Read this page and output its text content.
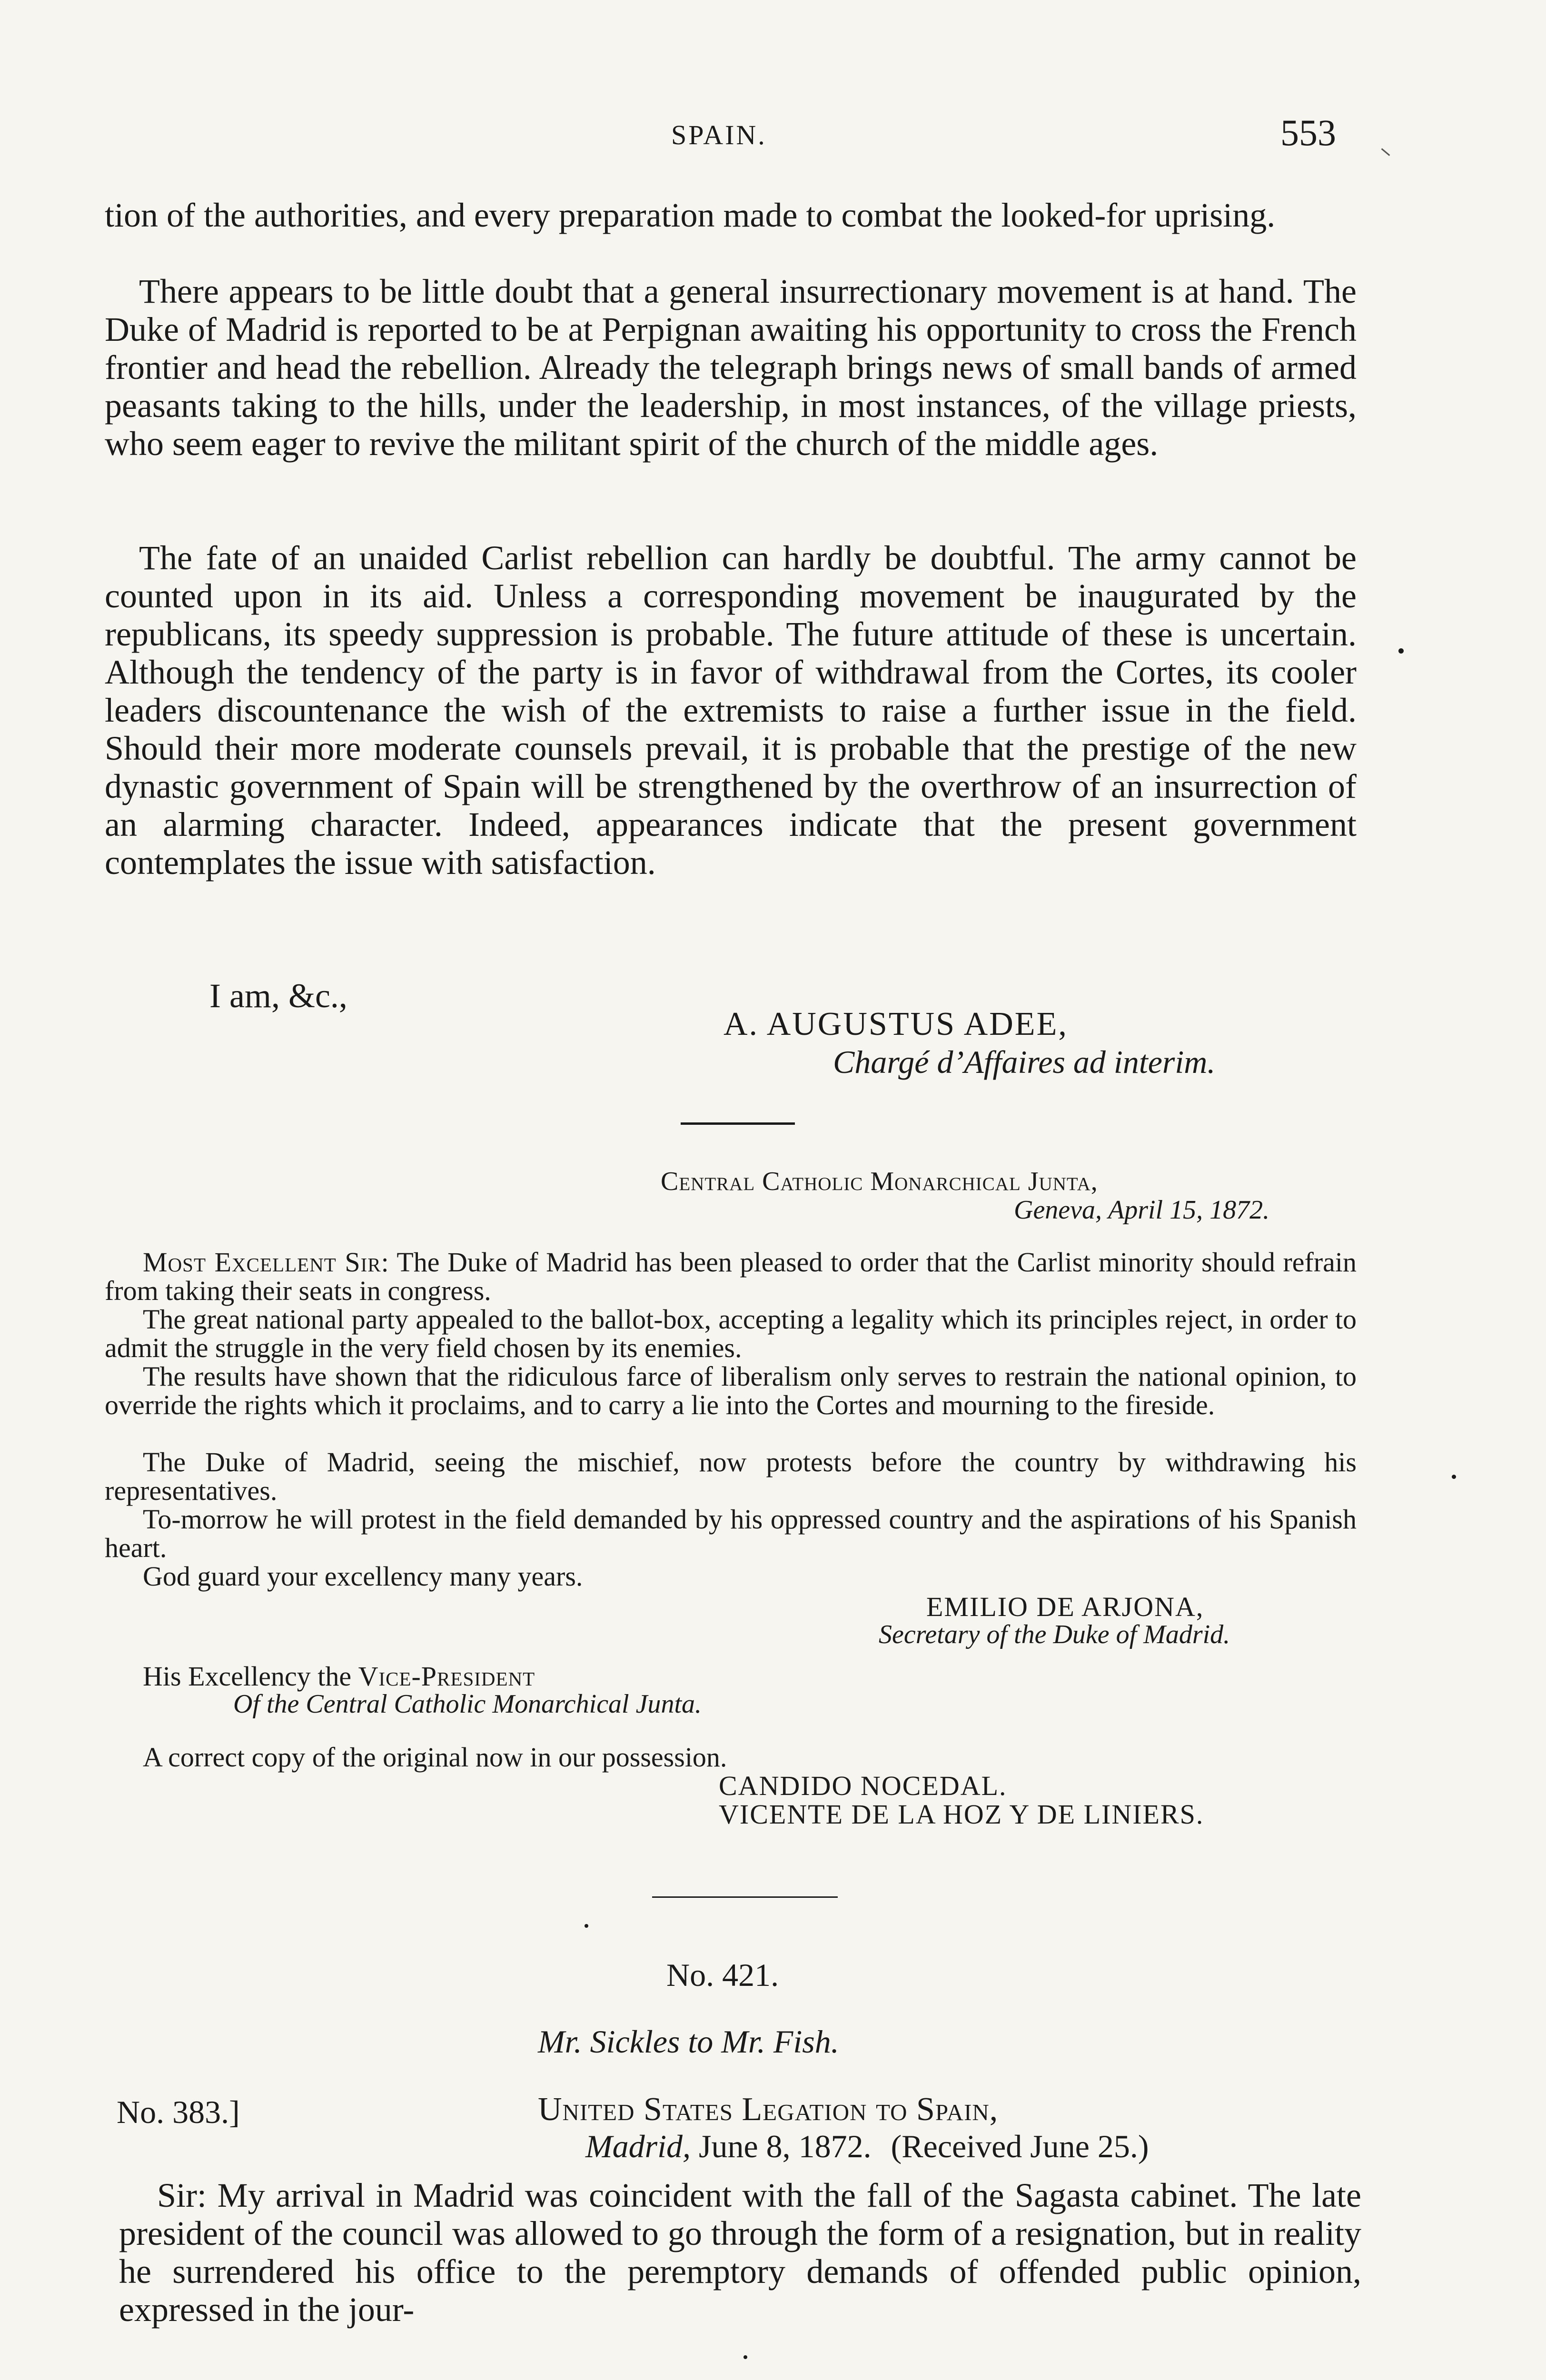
SPAIN.	553
tion of the authorities, and every preparation made to combat the looked-for uprising.
There appears to be little doubt that a general insurrectionary movement is at hand. The Duke of Madrid is reported to be at Perpignan awaiting his opportunity to cross the French frontier and head the rebellion. Already the telegraph brings news of small bands of armed peasants taking to the hills, under the leadership, in most instances, of the village priests, who seem eager to revive the militant spirit of the church of the middle ages.
The fate of an unaided Carlist rebellion can hardly be doubtful. The army cannot be counted upon in its aid. Unless a corresponding movement be inaugurated by the republicans, its speedy suppression is probable. The future attitude of these is uncertain. Although the tendency of the party is in favor of withdrawal from the Cortes, its cooler leaders discountenance the wish of the extremists to raise a further issue in the field. Should their more moderate counsels prevail, it is probable that the prestige of the new dynastic government of Spain will be strengthened by the overthrow of an insurrection of an alarming character. Indeed, appearances indicate that the present government contemplates the issue with satisfaction.
I am, &c.,
A. AUGUSTUS ADEE,
Chargé d’Affaires ad interim.
Central Catholic Monarchical Junta,
Geneva, April 15, 1872.
Most Excellent Sir: The Duke of Madrid has been pleased to order that the Carlist minority should refrain from taking their seats in congress.
The great national party appealed to the ballot-box, accepting a legality which its principles reject, in order to admit the struggle in the very field chosen by its enemies.
The results have shown that the ridiculous farce of liberalism only serves to restrain the national opinion, to override the rights which it proclaims, and to carry a lie into the Cortes and mourning to the fireside.
The Duke of Madrid, seeing the mischief, now protests before the country by withdrawing his representatives.
To-morrow he will protest in the field demanded by his oppressed country and the aspirations of his Spanish heart.
God guard your excellency many years.
EMILIO DE ARJONA,
Secretary of the Duke of Madrid.
His Excellency the Vice-President
Of the Central Catholic Monarchical Junta.
A correct copy of the original now in our possession.
CANDIDO NOCEDAL.
VICENTE DE LA HOZ Y DE LINIERS.
No. 421.
Mr. Sickles to Mr. Fish.
No. 383.]	United States Legation to Spain,
Madrid, June 8, 1872. (Received June 25.)
Sir: My arrival in Madrid was coincident with the fall of the Sagasta cabinet. The late president of the council was allowed to go through the form of a resignation, but in reality he surrendered his office to the peremptory demands of offended public opinion, expressed in the jour-
